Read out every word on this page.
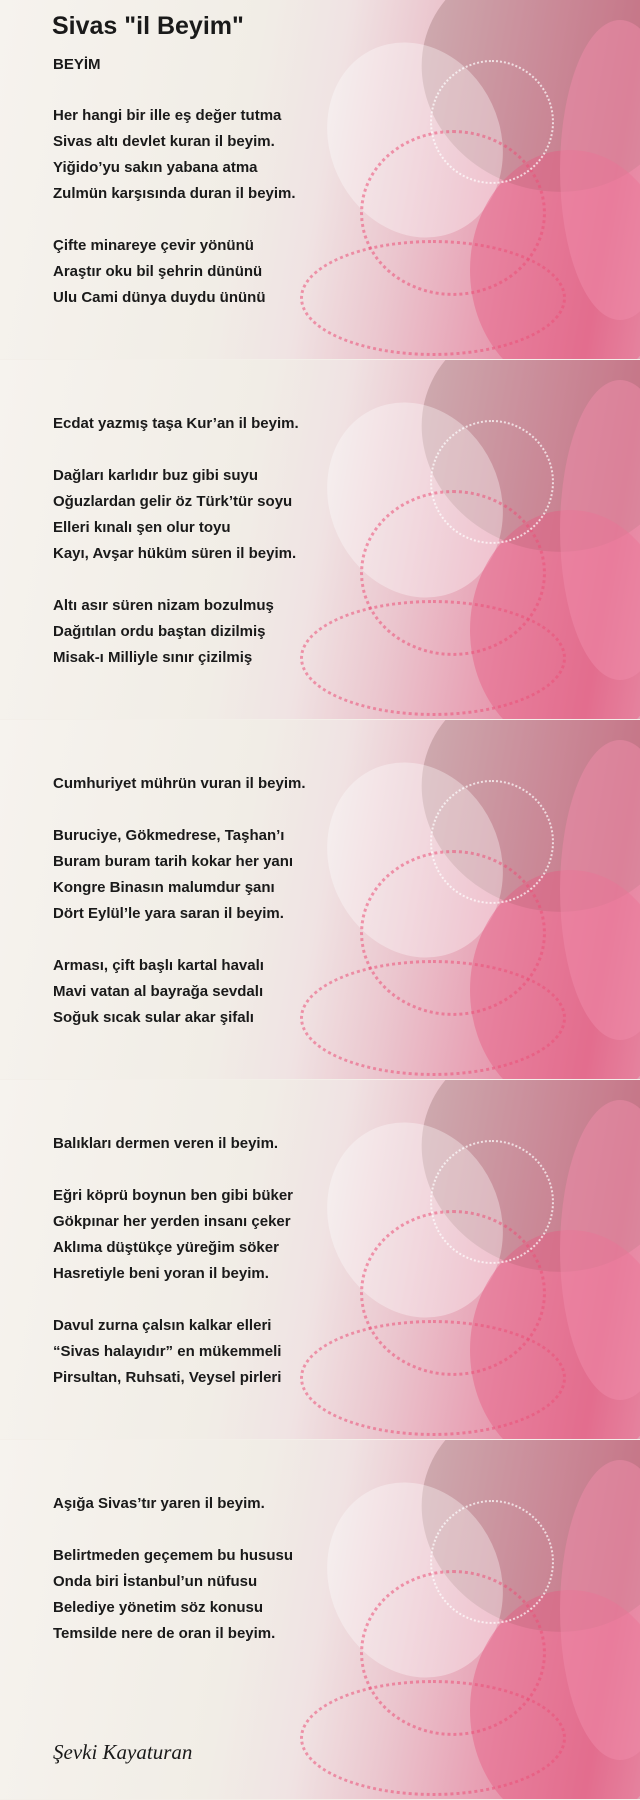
Sivas "il Beyim"
BEYİM
Her hangi bir ille eş değer tutma
Sivas altı devlet kuran il beyim.
Yiğido’yu sakın yabana atma
Zulmün karşısında duran il beyim.
Çifte minareye çevir yönünü
Araştır oku bil şehrin dününü
Ulu Cami dünya duydu ününü
Ecdat yazmış taşa Kur’an il beyim.
Dağları karlıdır buz gibi suyu
Oğuzlardan gelir öz Türk’tür soyu
Elleri kınalı şen olur toyu
Kayı, Avşar hüküm süren il beyim.
Altı asır süren nizam bozulmuş
Dağıtılan ordu baştan dizilmiş
Misak-ı Milliyle sınır çizilmiş
Cumhuriyet mührün vuran il beyim.
Buruciye, Gökmedrese, Taşhan’ı
Buram buram tarih kokar her yanı
Kongre Binasın malumdur şanı
Dört Eylül’le yara saran il beyim.
Arması, çift başlı kartal havalı
Mavi vatan al bayrağa sevdalı
Soğuk sıcak sular akar şifalı
Balıkları dermen veren il beyim.
Eğri köprü boynun ben gibi büker
Gökpınar her yerden insanı çeker
Aklıma düştükçe yüreğim söker
Hasretiyle beni yoran il beyim.
Davul zurna çalsın kalkar elleri
“Sivas halayıdır” en mükemmeli
Pirsultan, Ruhsati, Veysel pirleri
Aşığa Sivas’tır yaren il beyim.
Belirtmeden geçemem bu hususu
Onda biri İstanbul’un nüfusu
Belediye yönetim söz konusu
Temsilde nere de oran il beyim.
Şevki Kayaturan
